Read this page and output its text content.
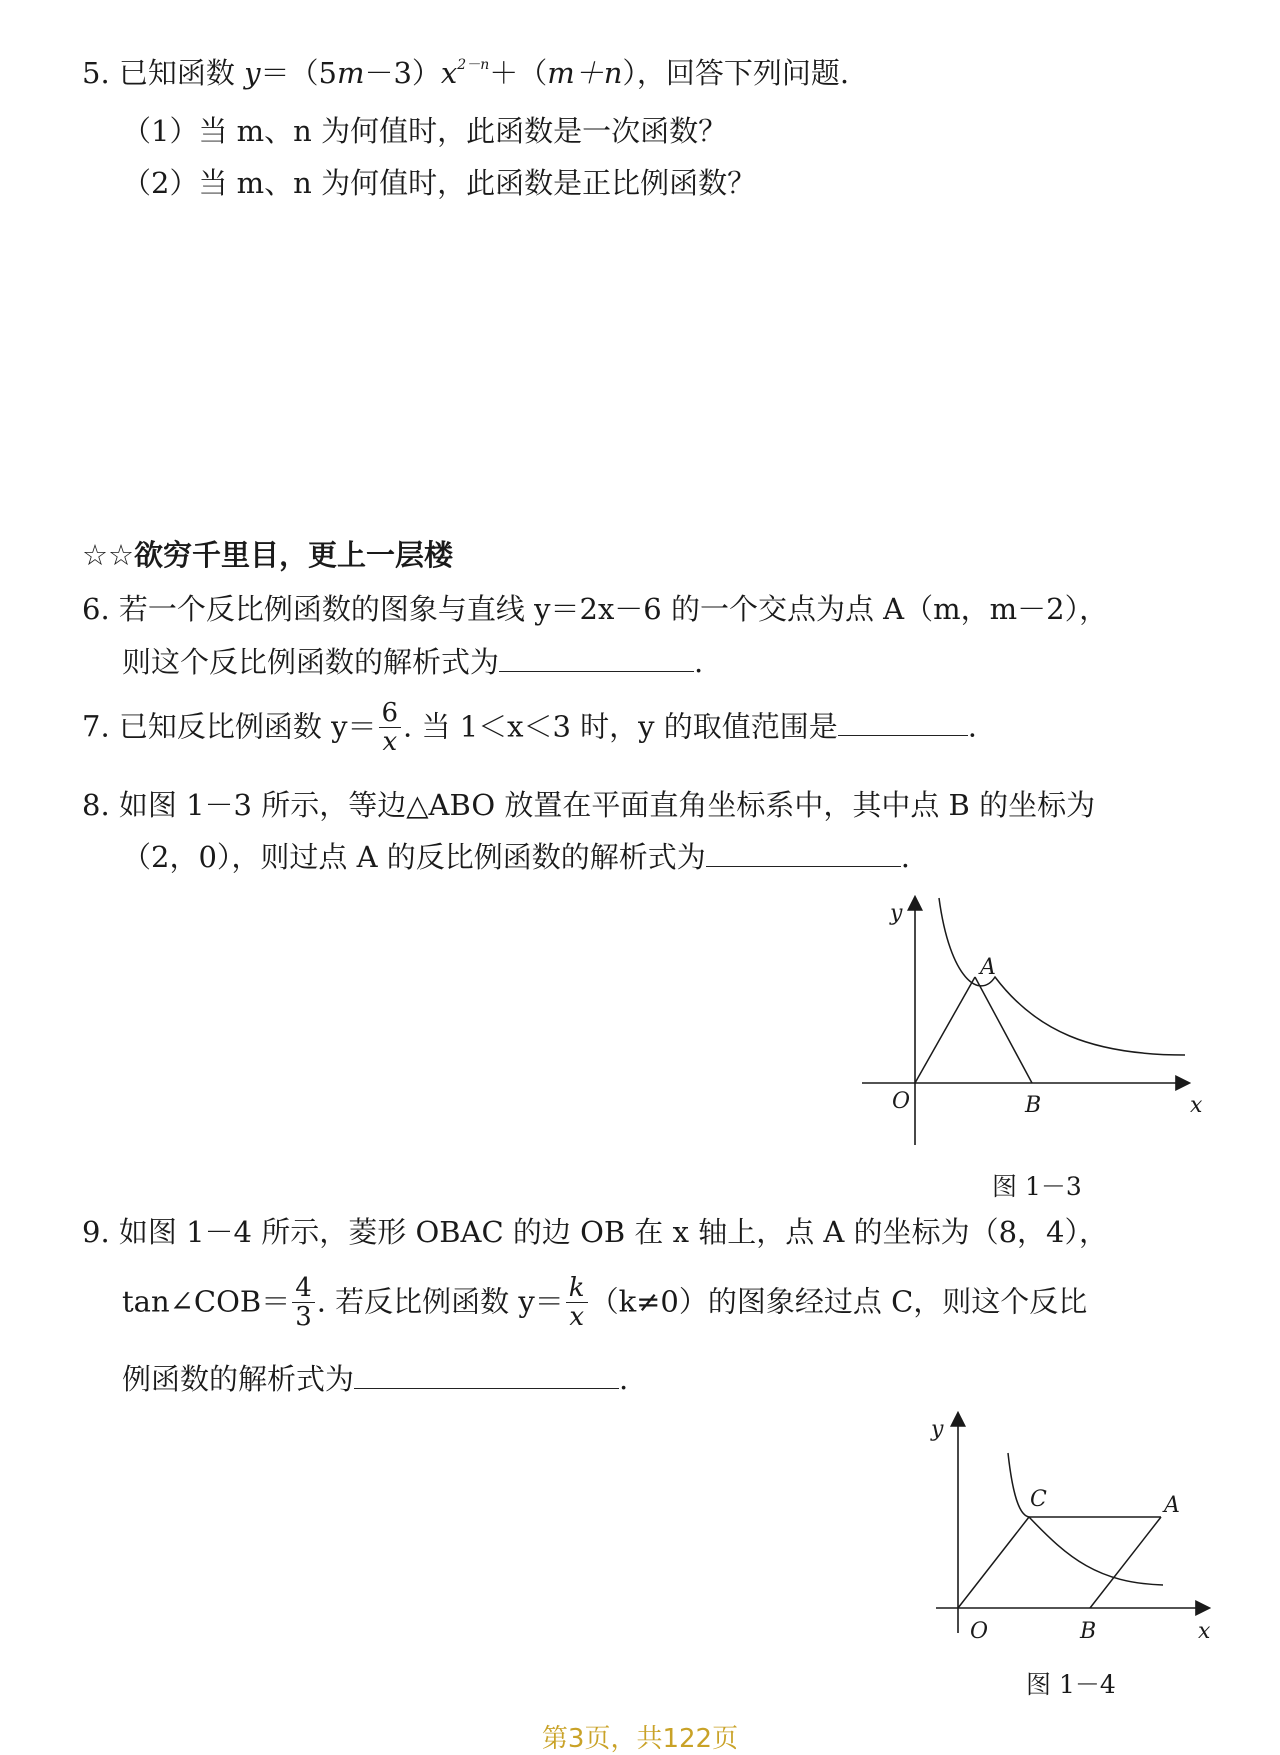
5. 已知函数 $y=(5m-3)x^{2-n}+(m+n)$，回答下列问题.
（1）当 m、n 为何值时，此函数是一次函数？
（2）当 m、n 为何值时，此函数是正比例函数？
☆☆欲穷千里目，更上一层楼
6. 若一个反比例函数的图象与直线 y＝2x－6 的一个交点为点 A（m，m－2），
则这个反比例函数的解析式为	.
7. 已知反比例函数 $y= \frac{6}{x}$ . 当 1＜x＜3 时，y 的取值范围是	.
8. 如图 1－3 所示，等边△ABO 放置在平面直角坐标系中，其中点 B 的坐标为
（2，0），则过点 A 的反比例函数的解析式为	.
y
x
O
A
B
图 1－3
9. 如图 1－4 所示，菱形 OBAC 的边 OB 在 x 轴上，点 A 的坐标为（8，4），
tan∠COB＝ $\frac{4}{3}$ . 若反比例函数 $y= \frac{k}{x} (k\ne 0)$的图象经过点 C，则这个反比
例函数的解析式为	.
y
x
O
C	A
B
图 1－4
第3页，共122页
